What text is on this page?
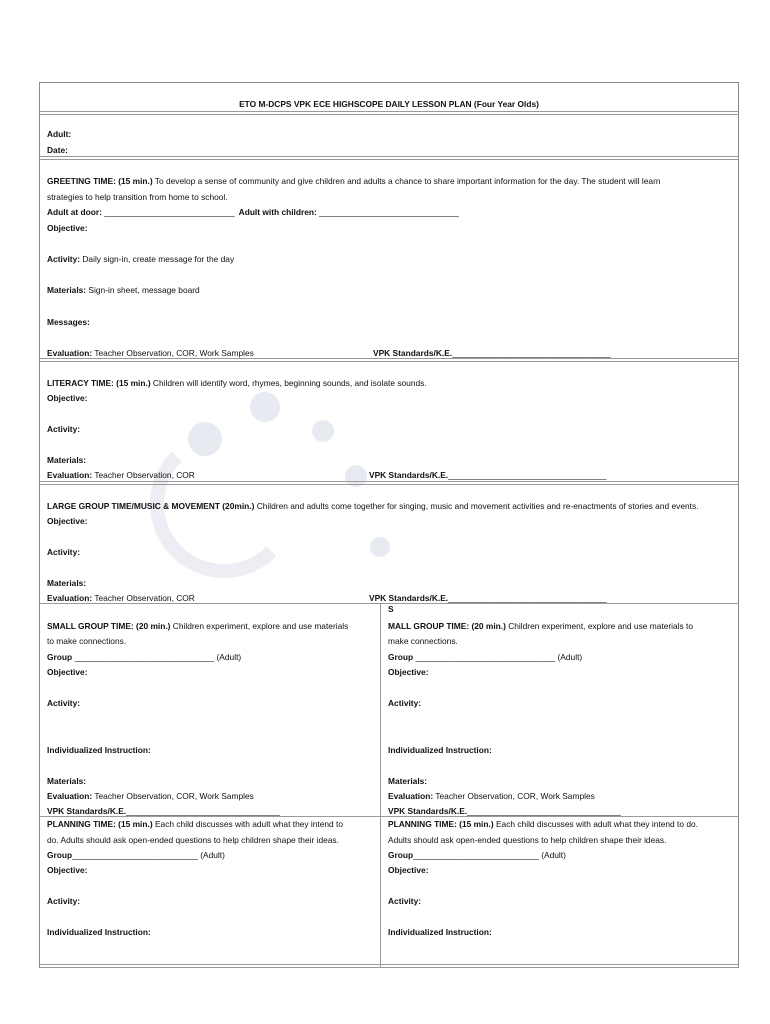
ETO M-DCPS VPK ECE HIGHSCOPE DAILY LESSON PLAN (Four Year Olds)
Adult:
Date:
GREETING TIME: (15 min.) To develop a sense of community and give children and adults a chance to share important information for the day. The student will learn
strategies to help transition from home to school.
Adult at door: ____________________________ Adult with children: ______________________________
Objective:
Activity: Daily sign-in, create message for the day
Materials: Sign-in sheet, message board
Messages:
Evaluation: Teacher Observation, COR, Work Samples	VPK Standards/K.E.__________________________________
LITERACY TIME: (15 min.) Children will identify word, rhymes, beginning sounds, and isolate sounds.
Objective:
Activity:
Materials:
Evaluation: Teacher Observation, COR	VPK Standards/K.E.__________________________________
LARGE GROUP TIME/MUSIC & MOVEMENT (20min.) Children and adults come together for singing, music and movement activities and re-enactments of stories and events.
Objective:
Activity:
Materials:
Evaluation: Teacher Observation, COR	VPK Standards/K.E.__________________________________
S
SMALL GROUP TIME: (20 min.) Children experiment, explore and use materials
to make connections.
Group ______________________________ (Adult)
Objective:
Activity:
Individualized Instruction:
Materials:
Evaluation: Teacher Observation, COR, Work Samples
VPK Standards/K.E._________________________________
MALL GROUP TIME: (20 min.) Children experiment, explore and use materials to
make connections.
Group ______________________________ (Adult)
Objective:
Activity:
Individualized Instruction:
Materials:
Evaluation: Teacher Observation, COR, Work Samples
VPK Standards/K.E._________________________________
PLANNING TIME: (15 min.) Each child discusses with adult what they intend to
do. Adults should ask open-ended questions to help children shape their ideas.
Group___________________________ (Adult)
Objective:
Activity:
Individualized Instruction:
PLANNING TIME: (15 min.) Each child discusses with adult what they intend to do.
Adults should ask open-ended questions to help children shape their ideas.
Group___________________________ (Adult)
Objective:
Activity:
Individualized Instruction:
